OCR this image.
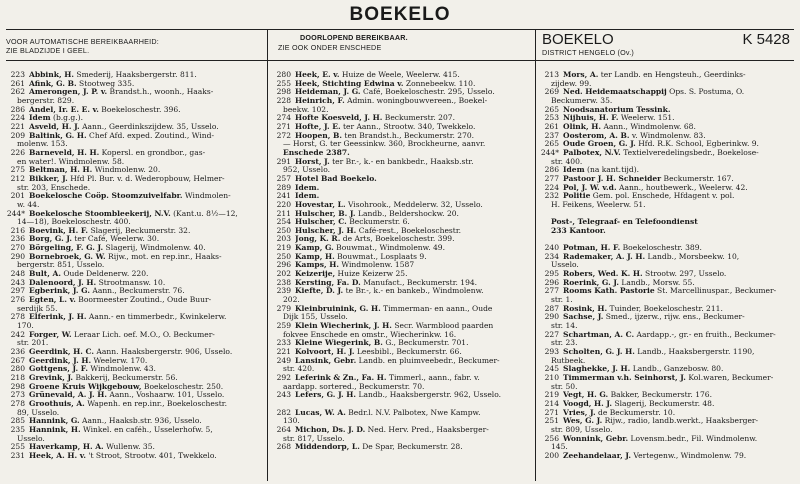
BOEKELO
VOOR AUTOMATISCHE BEREIKBAARHEID:
ZIE BLADZIJDE I GEEL.
DOORLOPEND BEREIKBAAR.
ZIE OOK ONDER ENSCHEDE	BOEKELO	K 5428
DISTRICT HENGELO (Ov.)
223 Abbink, H. Smederij, Haaksbergerstr. 811.
261 Afink, G. B. Stootweg 335.
262 Amerongen, J. P. v. Brandst.h., woonh., Haaks-
bergerstr. 829.
286 Andel, Ir. E. E. v. Boekeloschestr. 396.
224 Idem (b.g.g.).
221 Asveld, H. J. Aann., Geerdinkszijdew. 35, Usselo.
209 Baltink, G. H. Chef Afd. exped. Zoutind., Wind-
molenw. 153.
226 Barneveld, H. H. Kopersl. en grondbor., gas-
en water!. Windmolenw. 58.
275 Beltman, H. H. Windmolenw. 20.
212 Bikker, J. Hfd Pl. Bur. v. d. Wederopbouw, Helmer-
str. 203, Enschede.
201 Boekelosche Coöp. Stoomzuivelfabr. Windmolen-
w. 44.
244* Boekelosche Stoombleekerij, N.V. (Kant.u. 8½—12,
14—18), Boekeloschestr. 400.
216 Boevink, H. F. Slagerij, Beckumerstr. 32.
236 Borg, G. J. ter Café, Weelerw. 30.
270 Börgeling, F. G. J. Slagerij, Windmolenw. 40.
290 Bornebroek, G. W. Rijw., mot. en rep.inr., Haaks-
bergerstr. 851, Usselo.
248 Bult, A. Oude Deldenerw. 220.
243 Dalenoord, J. H. Strootmansw. 10.
297 Egberink, J. G. Aann., Beckumerstr. 76.
276 Egten, L. v. Boormeester Zoutind., Oude Buur-
serdijk 55.
278 Elferink, J. H. Aann.- en timmerbedr., Kwinkelerw.
170.
242 Forger, W. Leraar Lich. oef. M.O., O. Beckumer-
str. 201.
236 Geerdink, H. C. Aann. Haaksbergerstr. 906, Usselo.
267 Geerdink, J. H. Weelerw. 170.
280 Gottgens, J. F. Windmolenw. 43.
218 Grevink, J. Bakkerij, Beckumerstr. 56.
298 Groene Kruis Wijkgebouw, Boekeloschestr. 250.
273 Grünevald, A. J. H. Aann., Voshaarw. 101, Usselo.
278 Groothuis, A. Wapenh. en rep.inr., Boekeloschestr.
89, Usselo.
285 Hannink, G. Aann., Haaksb.str. 936, Usselo.
235 Hannink, H. Winkel. en caféh., Usselerhofw. 5,
Usselo.
255 Haverkamp, H. A. Wullenw. 35.
231 Heek, A. H. v. 't Stroot, Strootw. 401, Twekkelo.
280 Heek, E. v. Huize de Weele, Weelerw. 415.
255 Heek, Stichting Edwina v. Zonnebeekw. 110.
298 Heideman, J. G. Café, Boekeloschestr. 295, Usselo.
228 Heinrich, F. Admin. woningbouwvereen., Boekel-
beekw. 102.
274 Hofte Koesveld, J. H. Beckumerstr. 207.
271 Hofte, J. E. ter Aann., Strootw. 340, Twekkelo.
272 Hoopen, B. ten Brandst.h., Beckumerstr. 270.
— Horst, G. ter Geessinkw. 360, Brockheurne, aanvr.
Enschede 2387.
291 Horst, J. ter Br.-, k.- en bankbedr., Haaksb.str.
952, Usselo.
257 Hotel Bad Boekelo.
289 Idem.
241 Idem.
220 Hovestar, L. Visohrook., Meddelerw. 32, Usselo.
211 Hulscher, B. J. Landb., Beldershockw. 20.
254 Hulscher, C. Beckumerstr. 6.
250 Hulscher, J. H. Café-rest., Boekeloschestr.
203 Jong, K. R. de Arts, Boekeloschestr. 399.
219 Kamp, G. Bouwmat., Windmolenw. 49.
250 Kamp, H. Bouwmat., Losplaats 9.
296 Kamps, H. Windmolenw. 1587
202 Keizerije, Huize Keizerw 25.
238 Kersting, Fa. D. Manufact., Beckumerstr. 194.
239 Kiefte, D. J. te Br.-, k.- en bankeb., Windmolenw.
202.
279 Kleinbruinink, G. H. Timmerman- en aann., Oude
Dijk 155, Usselo.
259 Klein Wiecherink, J. H. Secr. Warmblood paarden
fokvee Enschede en omstr., Wiecherinkw. 16.
233 Kleine Wiegerink, B. G., Beckumerstr. 701.
221 Kolvoort, H. J. Leesbibl., Beckumerstr. 66.
249 Lansink, Gebr. Landb. en pluimveebedr., Beckumer-
str. 420.
292 Leferink & Zn., Fa. H. Timmerl., aann., fabr. v.
aardapp. sortered., Beckumerstr. 70.
243 Lefers, G. J. H. Landb., Haaksbergerstr. 962, Usselo.
282 Lucas, W. A. Bedr.l. N.V. Palbotex, Nwe Kampw.
130.
264 Michon, Ds. J. D. Ned. Herv. Pred., Haaksberger-
str. 817, Usselo.
268 Middendorp, L. De Spar, Beckumerstr. 28.
213 Mors, A. ter Landb. en Hengsteuh., Geerdinks-
zijdew. 99.
269 Ned. Heidemaatschappij Ops. S. Postuma, O.
Beckumerw. 35.
265 Noodsanatorium Tessink.
253 Nijhuis, H. F. Weelerw. 151.
261 Olink, H. Aann., Windmolenw. 68.
237 Oosterom, A. B. v. Windmolenw. 83.
265 Oude Groen, G. J. Hfd. R.K. School, Egberinkw. 9.
244* Palbotex, N.V. Textielveredelingsbedr., Boekelose-
str. 400.
286 Idem (na kant.tijd).
277 Pastoor J. H. Schneider Beckumerstr. 167.
224 Pol, J. W. v.d. Aann., houtbewerk., Weelerw. 42.
232 Politie Gem. pol. Enschede, Hfdagent v. pol.
H. Feikens, Weelerw. 51.
Post-, Telegraaf- en Telefoondienst
233 Kantoor.
240 Potman, H. F. Boekeloschestr. 389.
234 Rademaker, A. J. H. Landb., Morsbeekw. 10,
Usselo.
295 Robers, Wed. K. H. Strootw. 297, Usselo.
296 Roerink, G. J. Landb., Morsw. 55.
277 Rooms Kath. Pastorie St. Marcellinuspar., Beckumer-
str. 1.
287 Rosink, H. Tuinder, Boekeloschestr. 211.
290 Sachse, J. Smed., ijzerw., rijw. ens., Beckumer-
str. 14.
227 Schartman, A. C. Aardapp.-, gr.- en fruith., Beckumer-
str. 23.
293 Scholten, G. J. H. Landb., Haaksbergerstr. 1190,
Rutbeek.
245 Slaghekke, J. H. Landb., Ganzebosw. 80.
210 Timmerman v.h. Seinhorst, J. Kol.waren, Beckumer-
str. 50.
219 Vegt, H. G. Bakker, Beckumerstr. 176.
214 Voogd, H. J. Slagerij, Beckumerstr. 48.
271 Vries, J. de Beckumerstr. 10.
251 Wes, G. J. Rijw., radio, landb.werkt., Haaksberger-
str. 809, Usselo.
256 Wonnink, Gebr. Lovensm.bedr., Fil. Windmolenw.
145.
200 Zeehandelaar, J. Vertegenw., Windmolenw. 79.
